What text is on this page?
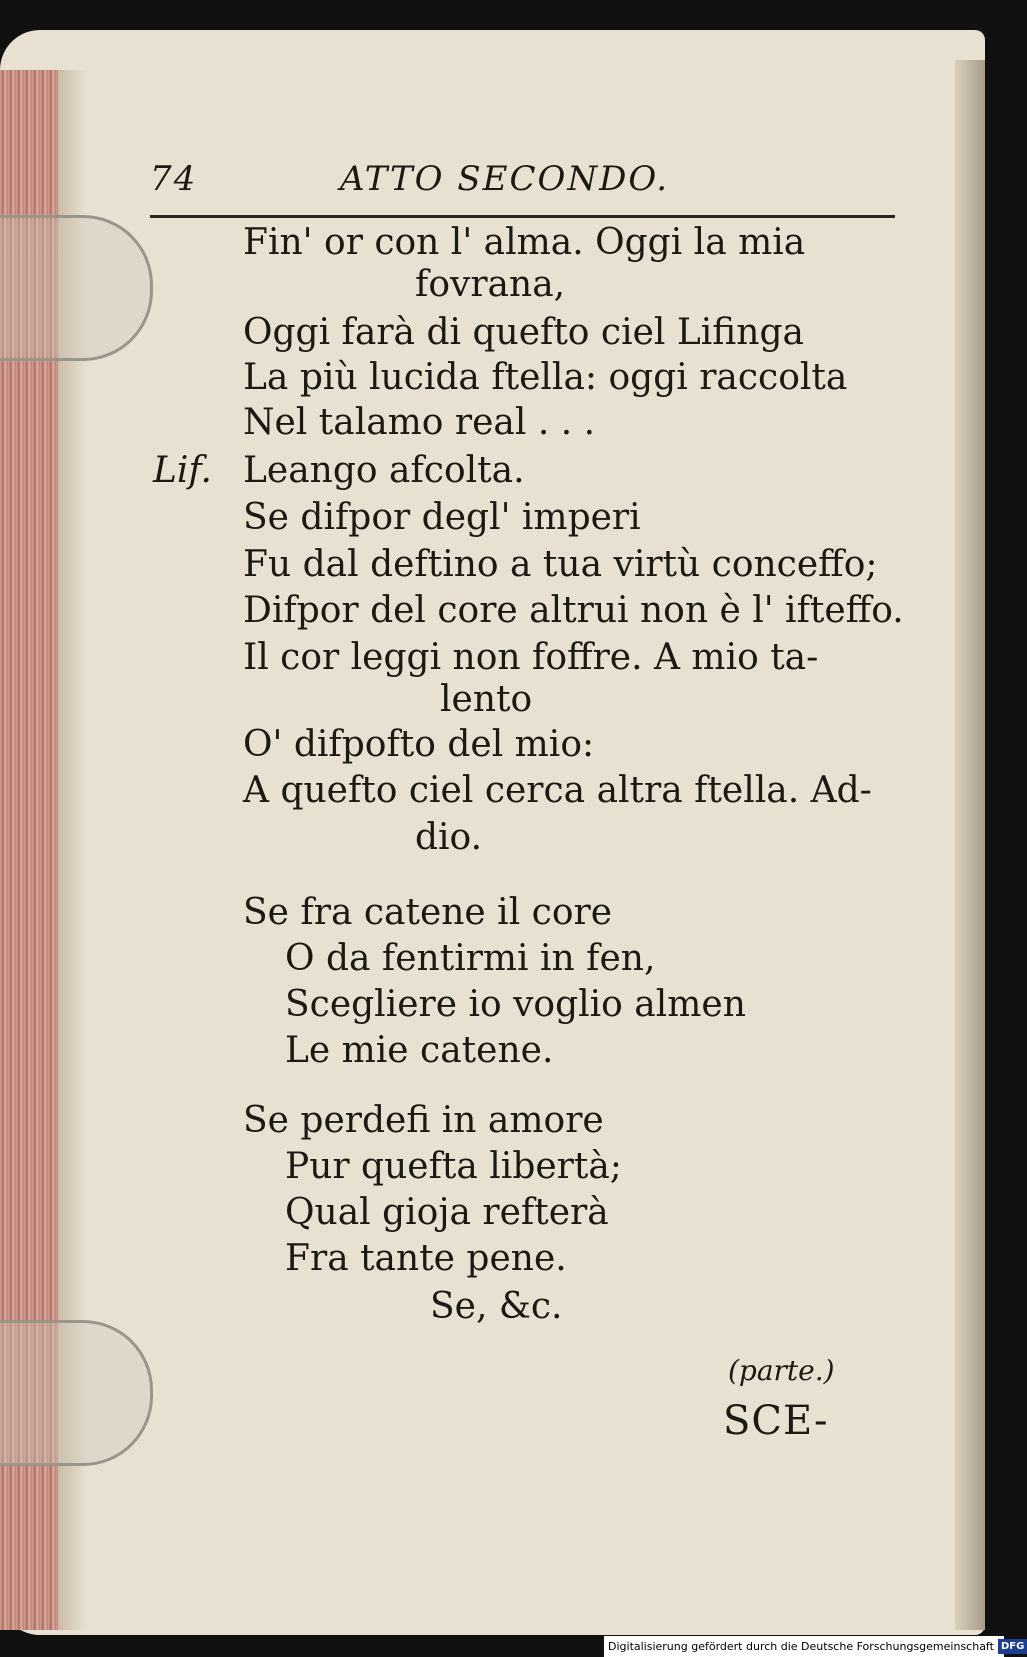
74	ATTO SECONDO.
Fin' or con l' alma. Oggi la mia
fovrana,
Oggi farà di quefto ciel Lifinga
La più lucida ftella: oggi raccolta
Nel talamo real . . .
Lif. Leango afcolta.
Se difpor degl' imperi
Fu dal deftino a tua virtù conceffo;
Difpor del core altrui non è l' ifteffo.
Il cor leggi non foffre. A mio ta-
lento
O' difpofto del mio:
A quefto ciel cerca altra ftella. Ad-
dio.
Se fra catene il core
O da fentirmi in fen,
Scegliere io voglio almen
Le mie catene.
Se perdefi in amore
Pur quefta libertà;
Qual gioja refterà
Fra tante pene.
Se, &c.
(parte.)
SCE-
Digitalisierung gefördert durch die Deutsche Forschungsgemeinschaft DFG
